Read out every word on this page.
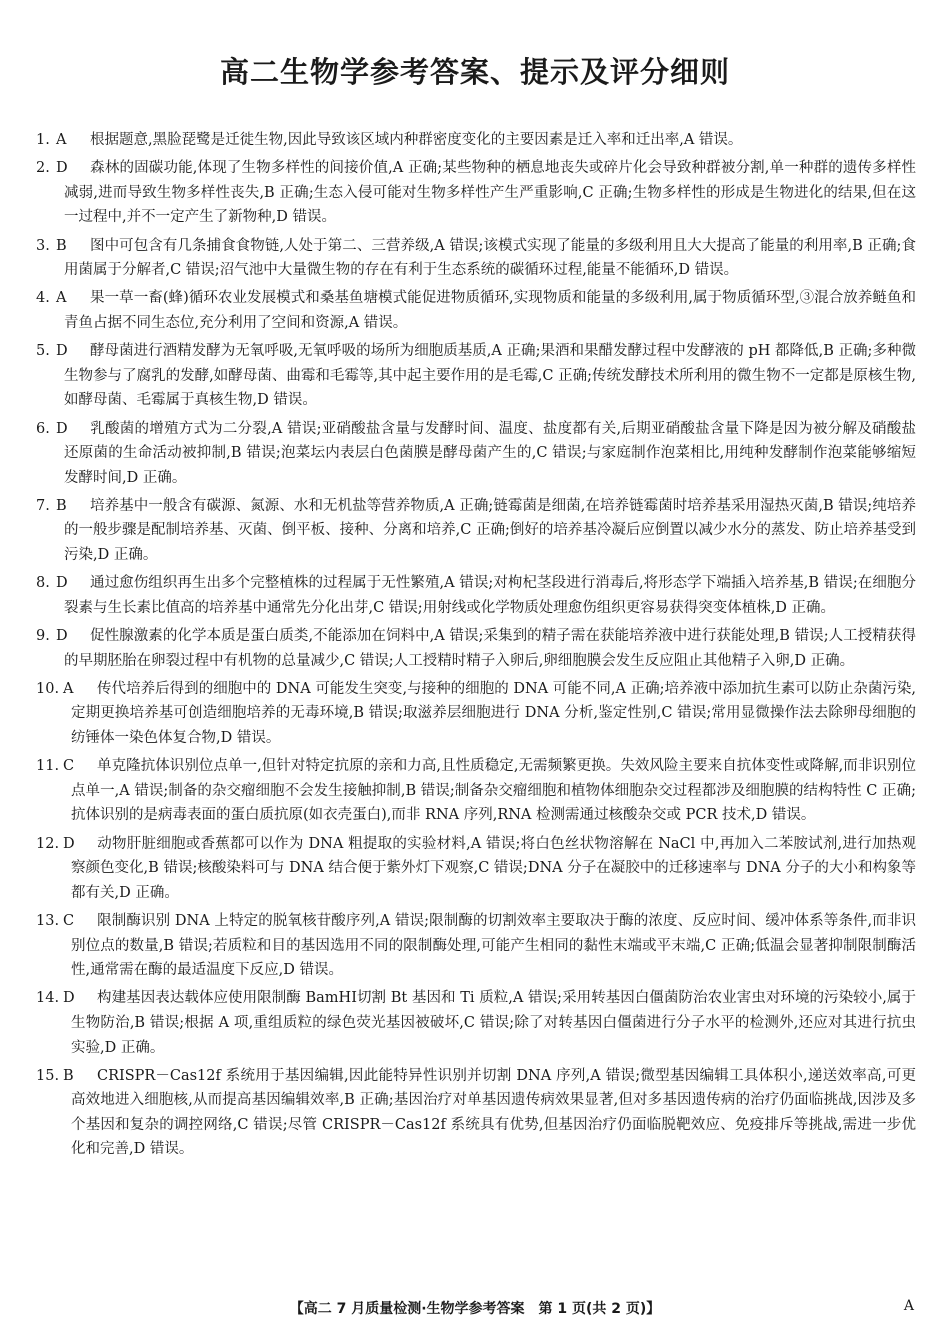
高二生物学参考答案、提示及评分细则

1. A 根据题意,黑脸琵鹭是迁徙生物,因此导致该区域内种群密度变化的主要因素是迁入率和迁出率,A 错误。

2. D 森林的固碳功能,体现了生物多样性的间接价值,A 正确;某些物种的栖息地丧失或碎片化会导致种群被分割,单一种群的遗传多样性减弱,进而导致生物多样性丧失,B 正确;生态入侵可能对生物多样性产生严重影响,C 正确;生物多样性的形成是生物进化的结果,但在这一过程中,并不一定产生了新物种,D 错误。

3. B 图中可包含有几条捕食食物链,人处于第二、三营养级,A 错误;该模式实现了能量的多级利用且大大提高了能量的利用率,B 正确;食用菌属于分解者,C 错误;沼气池中大量微生物的存在有利于生态系统的碳循环过程,能量不能循环,D 错误。

4. A 果一草一畜(蜂)循环农业发展模式和桑基鱼塘模式能促进物质循环,实现物质和能量的多级利用,属于物质循环型,③混合放养鲢鱼和青鱼占据不同生态位,充分利用了空间和资源,A 错误。

5. D 酵母菌进行酒精发酵为无氧呼吸,无氧呼吸的场所为细胞质基质,A 正确;果酒和果醋发酵过程中发酵液的 pH 都降低,B 正确;多种微生物参与了腐乳的发酵,如酵母菌、曲霉和毛霉等,其中起主要作用的是毛霉,C 正确;传统发酵技术所利用的微生物不一定都是原核生物,如酵母菌、毛霉属于真核生物,D 错误。

6. D 乳酸菌的增殖方式为二分裂,A 错误;亚硝酸盐含量与发酵时间、温度、盐度都有关,后期亚硝酸盐含量下降是因为被分解及硝酸盐还原菌的生命活动被抑制,B 错误;泡菜坛内表层白色菌膜是酵母菌产生的,C 错误;与家庭制作泡菜相比,用纯种发酵制作泡菜能够缩短发酵时间,D 正确。

7. B 培养基中一般含有碳源、氮源、水和无机盐等营养物质,A 正确;链霉菌是细菌,在培养链霉菌时培养基采用湿热灭菌,B 错误;纯培养的一般步骤是配制培养基、灭菌、倒平板、接种、分离和培养,C 正确;倒好的培养基冷凝后应倒置以减少水分的蒸发、防止培养基受到污染,D 正确。

8. D 通过愈伤组织再生出多个完整植株的过程属于无性繁殖,A 错误;对枸杞茎段进行消毒后,将形态学下端插入培养基,B 错误;在细胞分裂素与生长素比值高的培养基中通常先分化出芽,C 错误;用射线或化学物质处理愈伤组织更容易获得突变体植株,D 正确。

9. D 促性腺激素的化学本质是蛋白质类,不能添加在饲料中,A 错误;采集到的精子需在获能培养液中进行获能处理,B 错误;人工授精获得的早期胚胎在卵裂过程中有机物的总量减少,C 错误;人工授精时精子入卵后,卵细胞膜会发生反应阻止其他精子入卵,D 正确。

10. A 传代培养后得到的细胞中的 DNA 可能发生突变,与接种的细胞的 DNA 可能不同,A 正确;培养液中添加抗生素可以防止杂菌污染,定期更换培养基可创造细胞培养的无毒环境,B 错误;取滋养层细胞进行 DNA 分析,鉴定性别,C 错误;常用显微操作法去除卵母细胞的纺锤体一染色体复合物,D 错误。

11. C 单克隆抗体识别位点单一,但针对特定抗原的亲和力高,且性质稳定,无需频繁更换。失效风险主要来自抗体变性或降解,而非识别位点单一,A 错误;制备的杂交瘤细胞不会发生接触抑制,B 错误;制备杂交瘤细胞和植物体细胞杂交过程都涉及细胞膜的结构特性 C 正确;抗体识别的是病毒表面的蛋白质抗原(如衣壳蛋白),而非 RNA 序列,RNA 检测需通过核酸杂交或 PCR 技术,D 错误。

12. D 动物肝脏细胞或香蕉都可以作为 DNA 粗提取的实验材料,A 错误;将白色丝状物溶解在 NaCl 中,再加入二苯胺试剂,进行加热观察颜色变化,B 错误;核酸染料可与 DNA 结合便于紫外灯下观察,C 错误;DNA 分子在凝胶中的迁移速率与 DNA 分子的大小和构象等都有关,D 正确。

13. C 限制酶识别 DNA 上特定的脱氧核苷酸序列,A 错误;限制酶的切割效率主要取决于酶的浓度、反应时间、缓冲体系等条件,而非识别位点的数量,B 错误;若质粒和目的基因选用不同的限制酶处理,可能产生相同的黏性末端或平末端,C 正确;低温会显著抑制限制酶活性,通常需在酶的最适温度下反应,D 错误。

14. D 构建基因表达载体应使用限制酶 BamHⅠ切割 Bt 基因和 Ti 质粒,A 错误;采用转基因白僵菌防治农业害虫对环境的污染较小,属于生物防治,B 错误;根据 A 项,重组质粒的绿色荧光基因被破坏,C 错误;除了对转基因白僵菌进行分子水平的检测外,还应对其进行抗虫实验,D 正确。

15. B CRISPR－Cas12f 系统用于基因编辑,因此能特异性识别并切割 DNA 序列,A 错误;微型基因编辑工具体积小,递送效率高,可更高效地进入细胞核,从而提高基因编辑效率,B 正确;基因治疗对单基因遗传病效果显著,但对多基因遗传病的治疗仍面临挑战,因涉及多个基因和复杂的调控网络,C 错误;尽管 CRISPR－Cas12f 系统具有优势,但基因治疗仍面临脱靶效应、免疫排斥等挑战,需进一步优化和完善,D 错误。

【高二 7 月质量检测·生物学参考答案　第 1 页(共 2 页)】	A
